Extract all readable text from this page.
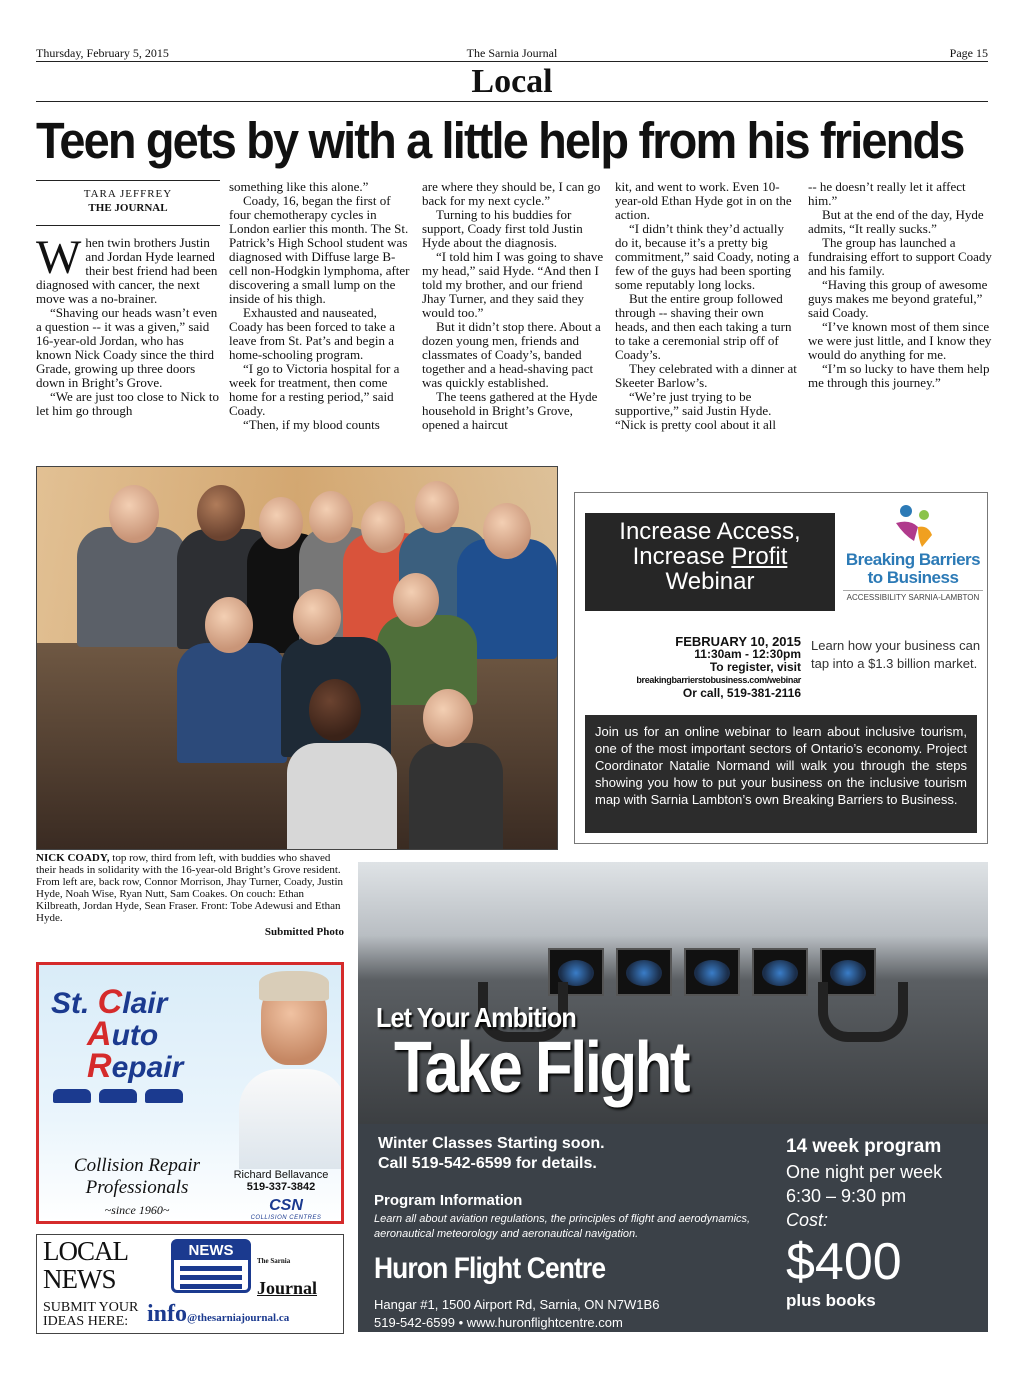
Thursday, February 5, 2015	The Sarnia Journal	Page 15
Local
Teen gets by with a little help from his friends
TARA JEFFREY
THE JOURNAL
W hen twin brothers Justin and Jordan Hyde learned their best friend had been diagnosed with cancer, the next move was a no-brainer.

“Shaving our heads wasn’t even a question -- it was a given,” said 16-year-old Jordan, who has known Nick Coady since the third Grade, growing up three doors down in Bright’s Grove.

“We are just too close to Nick to let him go through

something like this alone.”

Coady, 16, began the first of four chemotherapy cycles in London earlier this month. The St. Patrick’s High School student was diagnosed with Diffuse large B-cell non-Hodgkin lymphoma, after discovering a small lump on the inside of his thigh.

Exhausted and nauseated, Coady has been forced to take a leave from St. Pat’s and begin a home-schooling program.

“I go to Victoria hospital for a week for treatment, then come home for a resting period,” said Coady.

“Then, if my blood counts

are where they should be, I can go back for my next cycle.”

Turning to his buddies for support, Coady first told Justin Hyde about the diagnosis.

“I told him I was going to shave my head,” said Hyde. “And then I told my brother, and our friend Jhay Turner, and they said they would too.”

But it didn’t stop there. About a dozen young men, friends and classmates of Coady’s, banded together and a head-shaving pact was quickly established.

The teens gathered at the Hyde household in Bright’s Grove, opened a haircut

kit, and went to work. Even 10-year-old Ethan Hyde got in on the action.

“I didn’t think they’d actually do it, because it’s a pretty big commitment,” said Coady, noting a few of the guys had been sporting some reputably long locks.

But the entire group followed through -- shaving their own heads, and then each taking a turn to take a ceremonial strip off of Coady’s.

They celebrated with a dinner at Skeeter Barlow’s.

“We’re just trying to be supportive,” said Justin Hyde. “Nick is pretty cool about it all

-- he doesn’t really let it affect him.”

But at the end of the day, Hyde admits, “It really sucks.”

The group has launched a fundraising effort to support Coady and his family.

“Having this group of awesome guys makes me beyond grateful,” said Coady.

“I’ve known most of them since we were just little, and I know they would do anything for me.

“I’m so lucky to have them help me through this journey.”

NICK COADY, top row, third from left, with buddies who shaved their heads in solidarity with the 16-year-old Bright’s Grove resident. From left are, back row, Connor Morrison, Jhay Turner, Coady, Justin Hyde, Noah Wise, Ryan Nutt, Sam Coakes. On couch: Ethan Kilbreath, Jordan Hyde, Sean Fraser. Front: Tobe Adewusi and Ethan Hyde.
Submitted Photo
Increase Access,
Increase Profit
Webinar
Breaking Barriers
to Business
ACCESSIBILITY SARNIA-LAMBTON
FEBRUARY 10, 2015
11:30am - 12:30pm
To register, visit
breakingbarrierstobusiness.com/webinar
Or call, 519-381-2116
Learn how your business can tap into a $1.3 billion market.
Join us for an online webinar to learn about inclusive tourism, one of the most important sectors of Ontario’s economy. Project Coordinator Natalie Normand will walk you through the steps showing you how to put your business on the inclusive tourism map with Sarnia Lambton’s own Breaking Barriers to Business.
St. Clair
Auto
Repair
Collision Repair
Professionals
~since 1960~
Richard Bellavance
519-337-3842
CSN
COLLISION CENTRES
LOCAL
NEWS
NEWS
$^{The Sarnia}$ Journal
SUBMIT YOUR
IDEAS HERE: info@thesarniajournal.ca
Let Your Ambition
Take Flight
Winter Classes Starting soon.
Call 519-542-6599 for details.
Program Information
Learn all about aviation regulations, the principles of flight and aerodynamics, aeronautical meteorology and aeronautical navigation.
Huron Flight Centre
Hangar #1, 1500 Airport Rd, Sarnia, ON N7W1B6
519-542-6599 • www.huronflightcentre.com
14 week program
One night per week
6:30 – 9:30 pm
Cost:
$400
plus books
